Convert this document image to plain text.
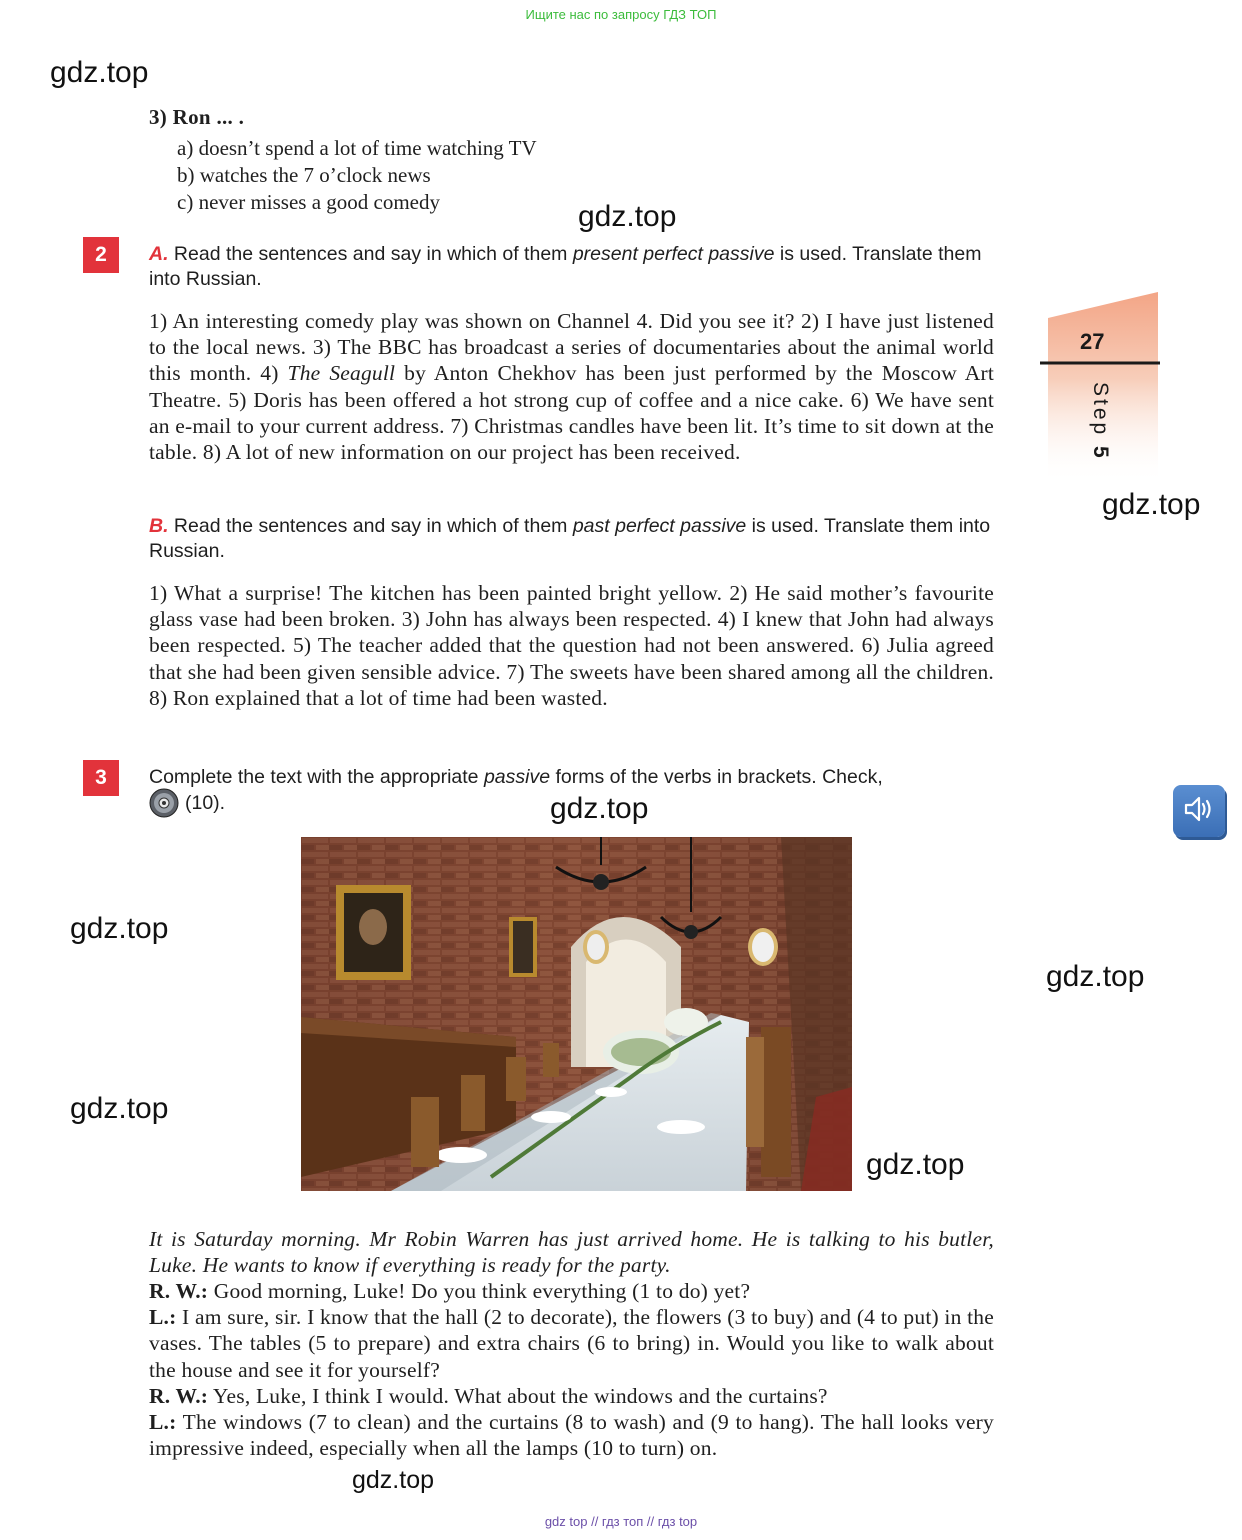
Ищите нас по запросу ГДЗ ТОП
gdz.top
gdz.top
gdz.top
gdz.top
gdz.top
gdz.top
gdz.top
gdz.top
gdz.top
3) Ron ... .
a) doesn’t spend a lot of time watching TV
b) watches the 7 o’clock news
c) never misses a good comedy
2	A. Read the sentences and say in which of them present perfect passive is used. Translate them into Russian.
1) An interesting comedy play was shown on Channel 4. Did you see it? 2) I have just listened to the local news. 3) The BBC has broadcast a series of documentaries about the animal world this month. 4) The Seagull by Anton Chekhov has been just performed by the Moscow Art Theatre. 5) Doris has been offered a hot strong cup of coffee and a nice cake. 6) We have sent an e-mail to your current address. 7) Christmas candles have been lit. It’s time to sit down at the table. 8) A lot of new information on our project has been received.
B. Read the sentences and say in which of them past perfect passive is used. Translate them into Russian.
1) What a surprise! The kitchen has been painted bright yellow. 2) He said mother’s favourite glass vase had been broken. 3) John has always been respected. 4) I knew that John had always been respected. 5) The teacher added that the question had not been answered. 6) Julia agreed that she had been given sensible advice. 7) The sweets have been shared among all the children. 8) Ron explained that a lot of time had been wasted.
27
Step 5
3	Complete the text with the appropriate passive forms of the verbs in brackets. Check,
(10).
It is Saturday morning. Mr Robin Warren has just arrived home. He is talking to his butler, Luke. He wants to know if everything is ready for the party.
R. W.: Good morning, Luke! Do you think everything (1 to do) yet?
L.: I am sure, sir. I know that the hall (2 to decorate), the flowers (3 to buy) and (4 to put) in the vases. The tables (5 to prepare) and extra chairs (6 to bring) in. Would you like to walk about the house and see it for yourself?
R. W.: Yes, Luke, I think I would. What about the windows and the curtains?
L.: The windows (7 to clean) and the curtains (8 to wash) and (9 to hang). The hall looks very impressive indeed, especially when all the lamps (10 to turn) on.
gdz top // гдз топ // гдз top
